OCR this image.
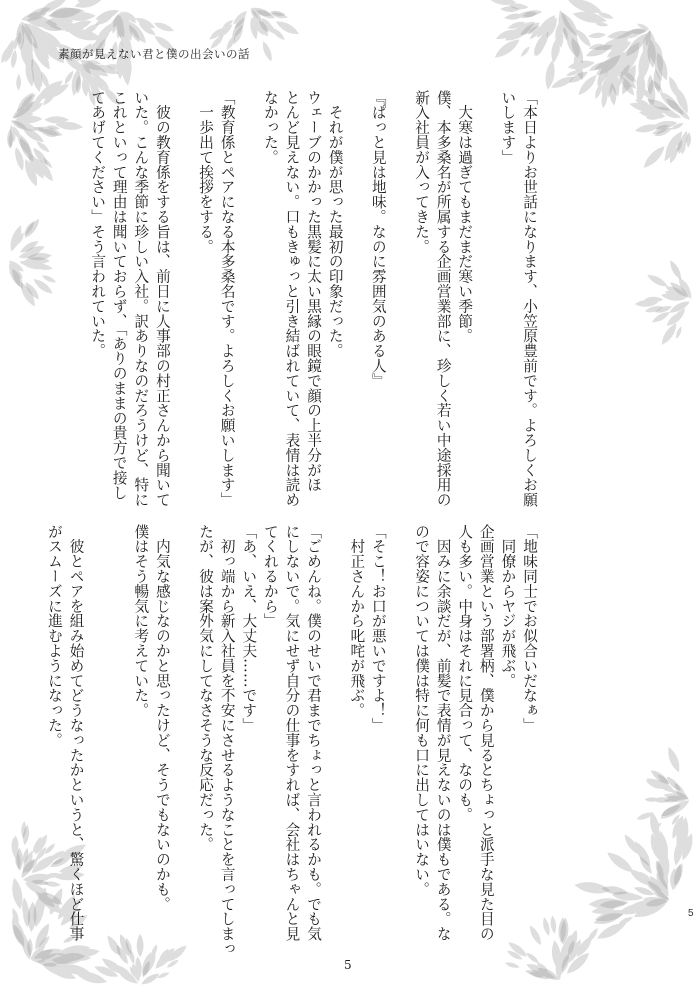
素顔が見えない君と僕の出会いの話
「本日よりお世話になります、小笠原豊前です。よろしくお願
いします」

　大寒は過ぎてもまだまだ寒い季節。
僕、本多桑名が所属する企画営業部に、珍しく若い中途採用の
新入社員が入ってきた。

『ぱっと見は地味。なのに雰囲気のある人』

　それが僕が思った最初の印象だった。
ウェーブのかかった黒髪に太い黒縁の眼鏡で顔の上半分がほ
とんど見えない。口もきゅっと引き結ばれていて、表情は読め
なかった。

「教育係とペアになる本多桑名です。よろしくお願いします」
　一歩出て挨拶をする。

　彼の教育係をする旨は、前日に人事部の村正さんから聞いて
いた。こんな季節に珍しい入社。訳ありなのだろうけど、特に
これといって理由は聞いておらず、「ありのままの貴方で接し
てあげてください」そう言われていた。
「地味同士でお似合いだなぁ」
　同僚からヤジが飛ぶ。
企画営業という部署柄、僕から見るとちょっと派手な見た目の
人も多い。中身はそれに見合って、なのも。
　因みに余談だが、前髪で表情が見えないのは僕もである。な
ので容姿については僕は特に何も口に出してはいない。

「そこ！お口が悪いですよ！」
　村正さんから叱咤が飛ぶ。

「ごめんね。僕のせいで君までちょっと言われるかも。でも気
にしないで。気にせず自分の仕事をすれば、会社はちゃんと見
てくれるから」
「あ、いえ、大丈夫……です」
　初っ端から新入社員を不安にさせるようなことを言ってしまっ
たが、彼は案外気にしてなさそうな反応だった。

　内気な感じなのかと思ったけど、そうでもないのかも。
僕はそう暢気に考えていた。

　彼とペアを組み始めてどうなったかというと、驚くほど仕事
がスムーズに進むようになった。
5
5
